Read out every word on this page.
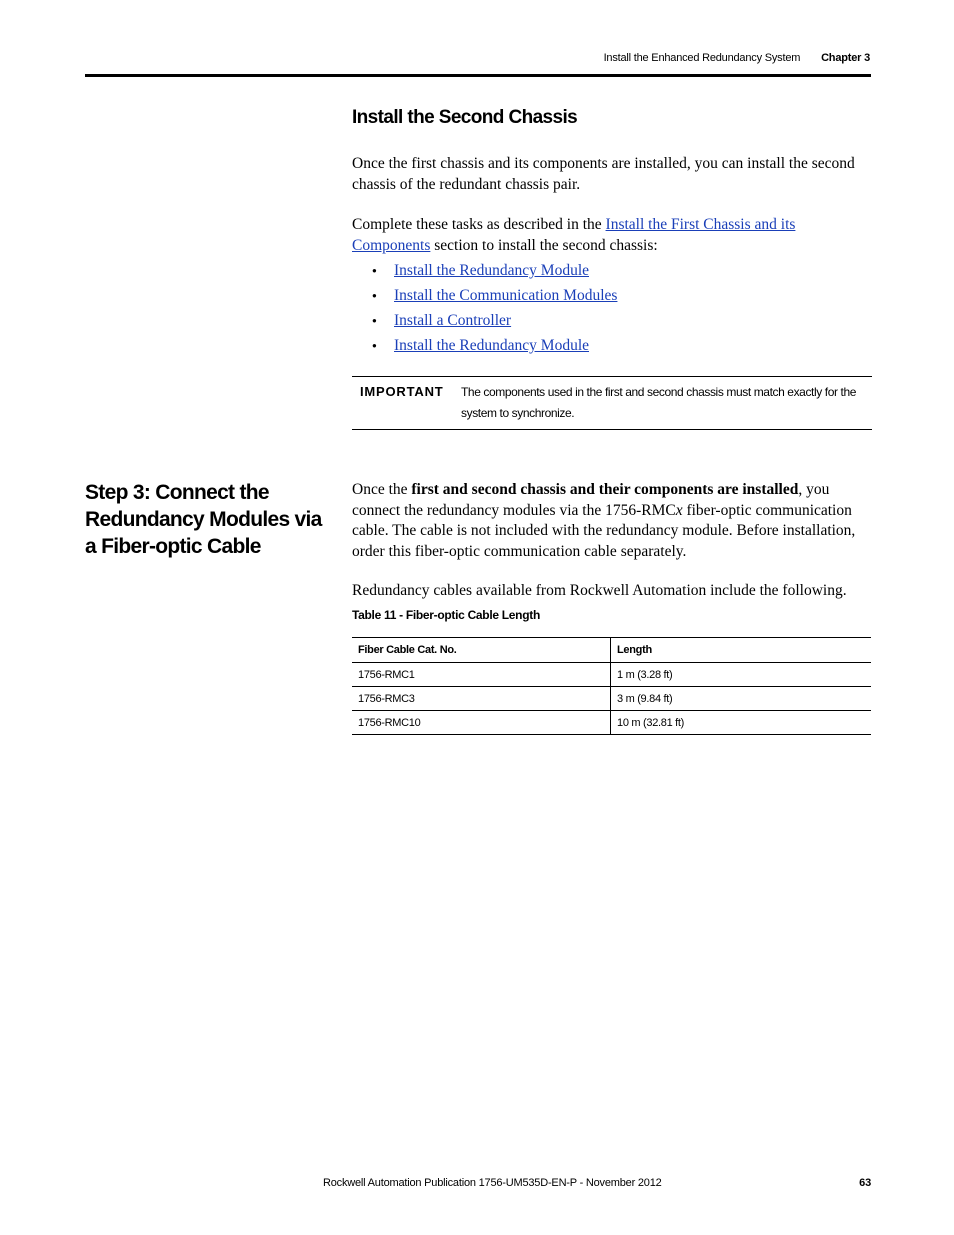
Install the Enhanced Redundancy System Chapter 3
Install the Second Chassis
Once the first chassis and its components are installed, you can install the second chassis of the redundant chassis pair.
Complete these tasks as described in the Install the First Chassis and its Components section to install the second chassis:
● Install the Redundancy Module
● Install the Communication Modules
● Install a Controller
● Install the Redundancy Module
IMPORTANT The components used in the first and second chassis must match exactly for the system to synchronize.
Step 3: Connect the Redundancy Modules via a Fiber-optic Cable
Once the first and second chassis and their components are installed, you connect the redundancy modules via the 1756-RMCx fiber-optic communication cable. The cable is not included with the redundancy module. Before installation, order this fiber-optic communication cable separately.
Redundancy cables available from Rockwell Automation include the following.
Table 11 - Fiber-optic Cable Length
Fiber Cable Cat. No.	Length
1756-RMC1	1 m (3.28 ft)
1756-RMC3	3 m (9.84 ft)
1756-RMC10	10 m (32.81 ft)
Rockwell Automation Publication 1756-UM535D-EN-P - November 2012	63
